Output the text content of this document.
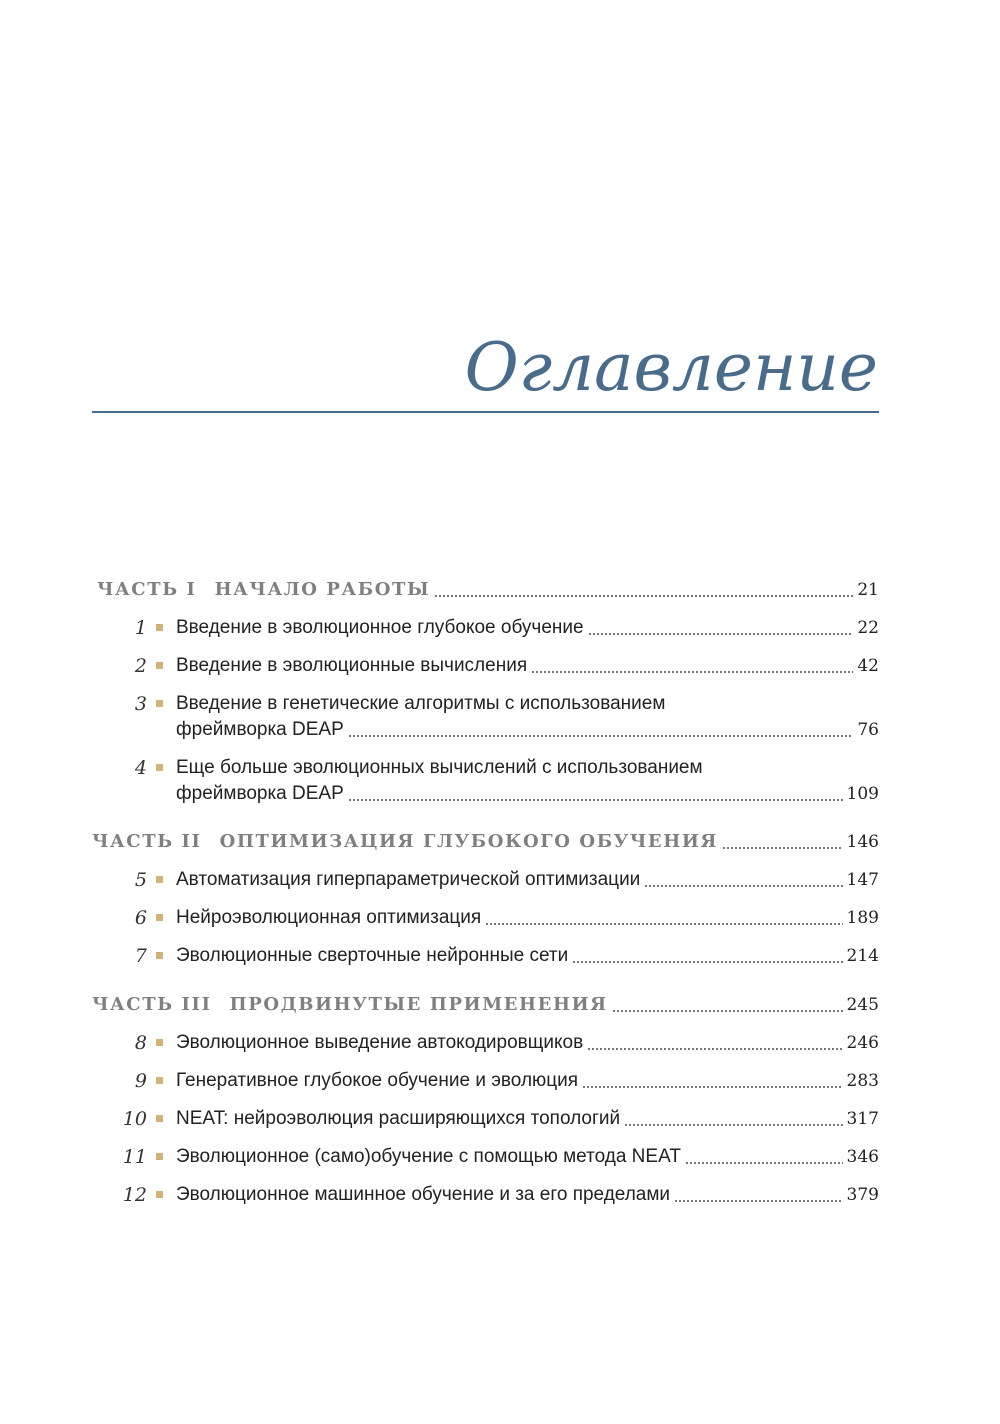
Оглавление
ЧАСТЬ I НАЧАЛО РАБОТЫ	21
1 Введение в эволюционное глубокое обучение	22
2 Введение в эволюционные вычисления	42
3 Введение в генетические алгоритмы с использованием
фреймворка DEAP	76
4 Еще больше эволюционных вычислений с использованием
фреймворка DEAP	109
ЧАСТЬ II ОПТИМИЗАЦИЯ ГЛУБОКОГО ОБУЧЕНИЯ	146
5 Автоматизация гиперпараметрической оптимизации	147
6 Нейроэволюционная оптимизация	189
7 Эволюционные сверточные нейронные сети	214
ЧАСТЬ III ПРОДВИНУТЫЕ ПРИМЕНЕНИЯ	245
8 Эволюционное выведение автокодировщиков	246
9 Генеративное глубокое обучение и эволюция	283
10 NEAT: нейроэволюция расширяющихся топологий	317
11 Эволюционное (само)обучение с помощью метода NEAT	346
12 Эволюционное машинное обучение и за его пределами	379
